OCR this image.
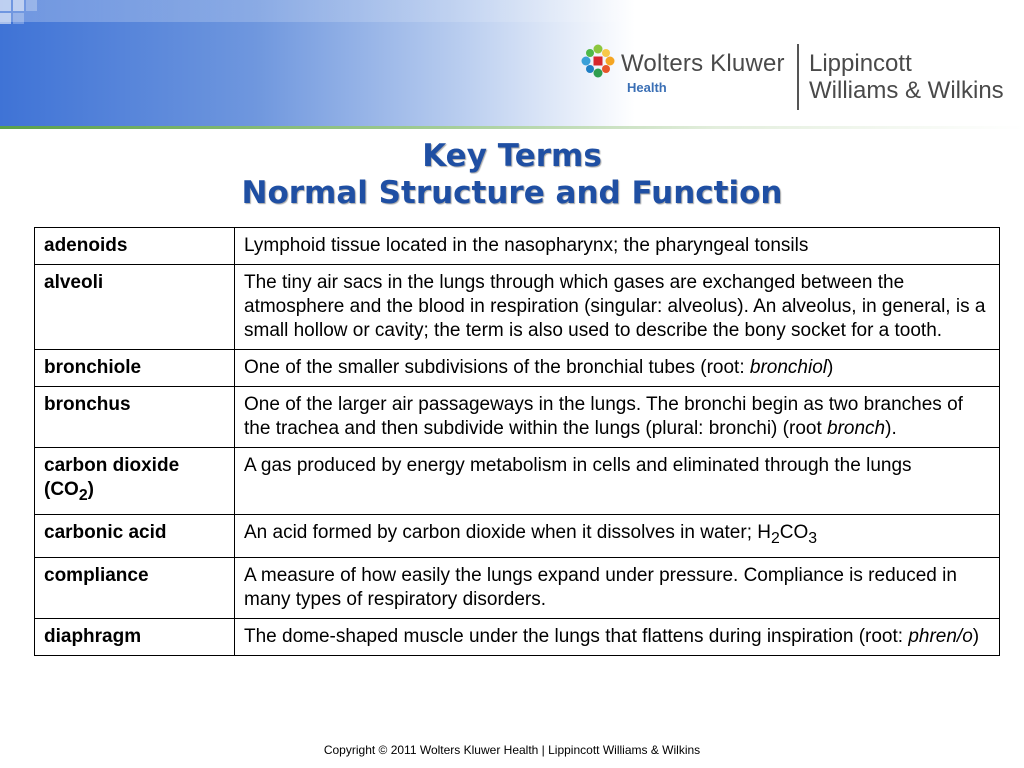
Wolters Kluwer
Health
Lippincott
Williams & Wilkins
Key Terms
Normal Structure and Function
adenoids	Lymphoid tissue located in the nasopharynx; the pharyngeal tonsils
alveoli	The tiny air sacs in the lungs through which gases are exchanged between the atmosphere and the blood in respiration (singular: alveolus). An alveolus, in general, is a small hollow or cavity; the term is also used to describe the bony socket for a tooth.
bronchiole	One of the smaller subdivisions of the bronchial tubes (root: bronchiol)
bronchus	One of the larger air passageways in the lungs. The bronchi begin as two branches of the trachea and then subdivide within the lungs (plural: bronchi) (root bronch).
carbon dioxide $(CO_2)$	A gas produced by energy metabolism in cells and eliminated through the lungs
carbonic acid	An acid formed by carbon dioxide when it dissolves in water; $H_2CO_3$
compliance	A measure of how easily the lungs expand under pressure. Compliance is reduced in many types of respiratory disorders.
diaphragm	The dome-shaped muscle under the lungs that flattens during inspiration (root: phren/o)
Copyright © 2011 Wolters Kluwer Health | Lippincott Williams & Wilkins
